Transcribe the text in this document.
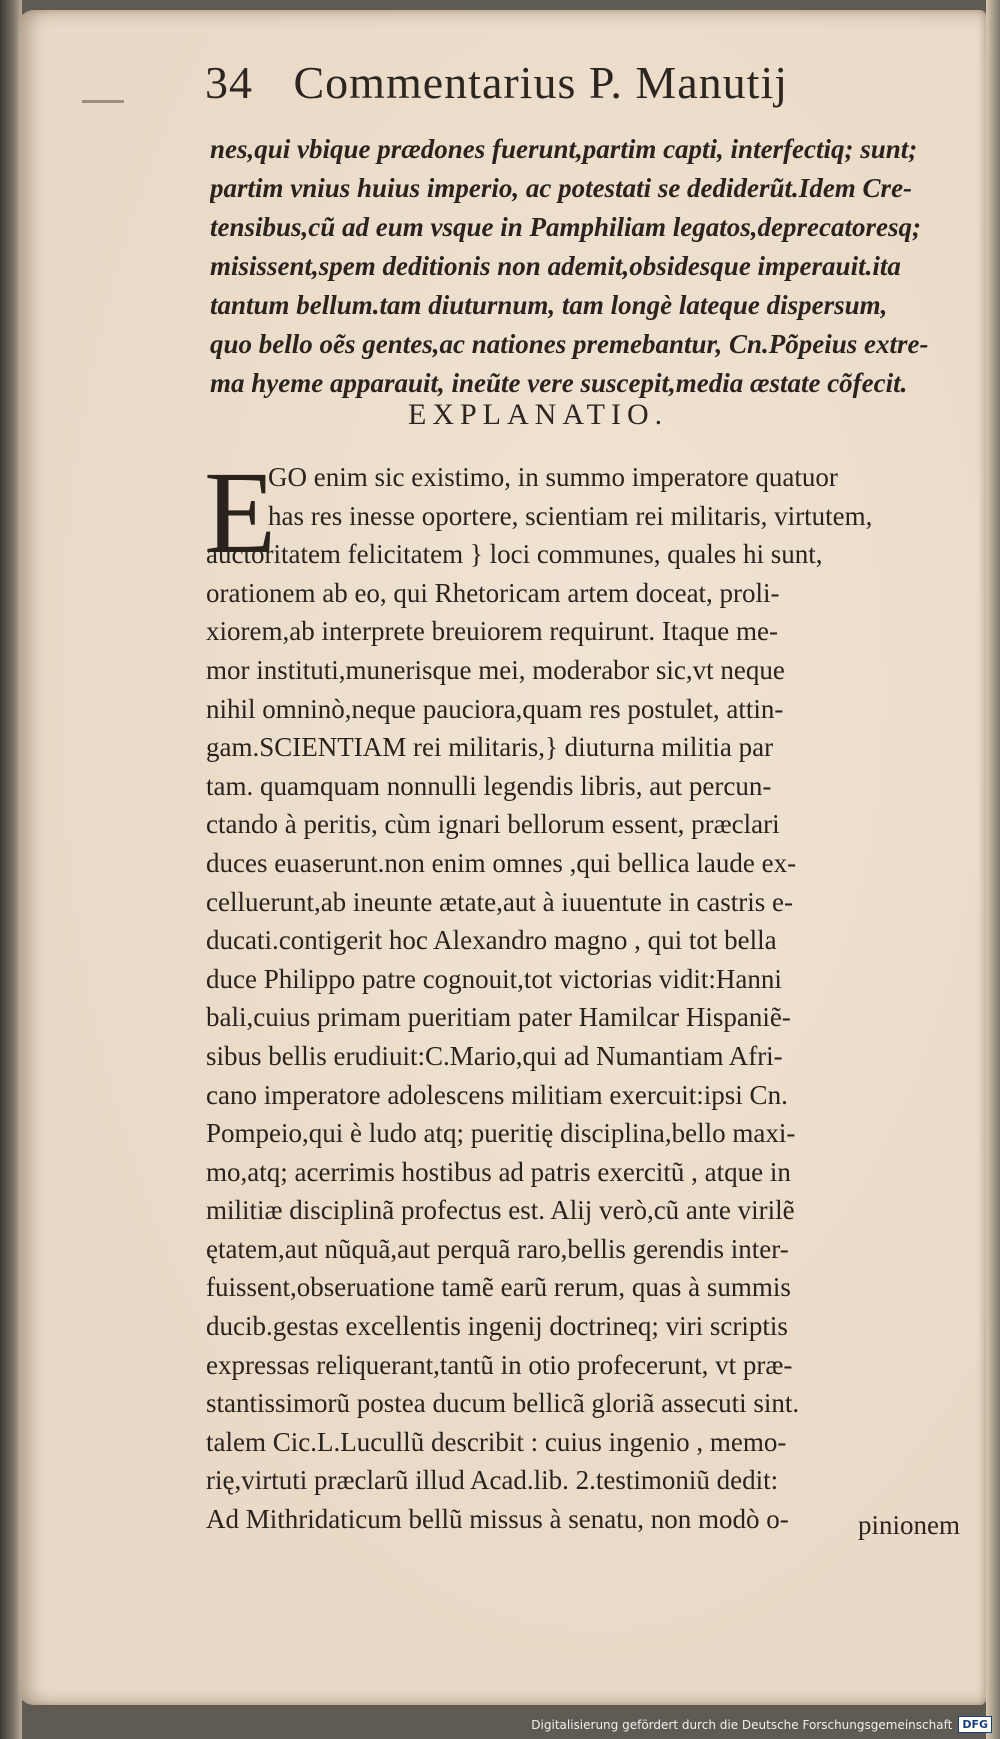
34 Commentarius P. Manutij
nes,qui vbique prædones fuerunt,partim capti, interfectiq; sunt;
partim vnius huius imperio, ac potestati se dediderũt.Idem Cre-
tensibus,cũ ad eum vsque in Pamphiliam legatos,deprecatoresq;
misissent,spem deditionis non ademit,obsidesque imperauit.ita
tantum bellum.tam diuturnum, tam longè lateque dispersum,
quo bello oẽs gentes,ac nationes premebantur, Cn.Põpeius extre-
ma hyeme apparauit, ineũte vere suscepit,media æstate cõfecit.
EXPLANATIO.
E
GO enim sic existimo, in summo imperatore quatuor
has res inesse oportere, scientiam rei militaris, virtutem,
auctoritatem felicitatem } loci communes, quales hi sunt,
orationem ab eo, qui Rhetoricam artem doceat, proli-
xiorem,ab interprete breuiorem requirunt. Itaque me-
mor instituti,munerisque mei, moderabor sic,vt neque
nihil omninò,neque pauciora,quam res postulet, attin-
gam.SCIENTIAM rei militaris,} diuturna militia par
tam. quamquam nonnulli legendis libris, aut percun-
ctando à peritis, cùm ignari bellorum essent, præclari
duces euaserunt.non enim omnes ,qui bellica laude ex-
celluerunt,ab ineunte ætate,aut à iuuentute in castris e-
ducati.contigerit hoc Alexandro magno , qui tot bella
duce Philippo patre cognouit,tot victorias vidit:Hanni
bali,cuius primam pueritiam pater Hamilcar Hispaniẽ-
sibus bellis erudiuit:C.Mario,qui ad Numantiam Afri-
cano imperatore adolescens militiam exercuit:ipsi Cn.
Pompeio,qui è ludo atq; pueritię disciplina,bello maxi-
mo,atq; acerrimis hostibus ad patris exercitũ , atque in
militiæ disciplinã profectus est. Alij verò,cũ ante virilẽ
ętatem,aut nũquã,aut perquã raro,bellis gerendis inter-
fuissent,obseruatione tamẽ earũ rerum, quas à summis
ducib.gestas excellentis ingenij doctrineq; viri scriptis
expressas reliquerant,tantũ in otio profecerunt, vt præ-
stantissimorũ postea ducum bellicã gloriã assecuti sint.
talem Cic.L.Lucullũ describit : cuius ingenio , memo-
rię,virtuti præclarũ illud Acad.lib. 2.testimoniũ dedit:
Ad Mithridaticum bellũ missus à senatu, non modò o-	pinionem
Digitalisierung gefördert durch die Deutsche Forschungsgemeinschaft DFG
